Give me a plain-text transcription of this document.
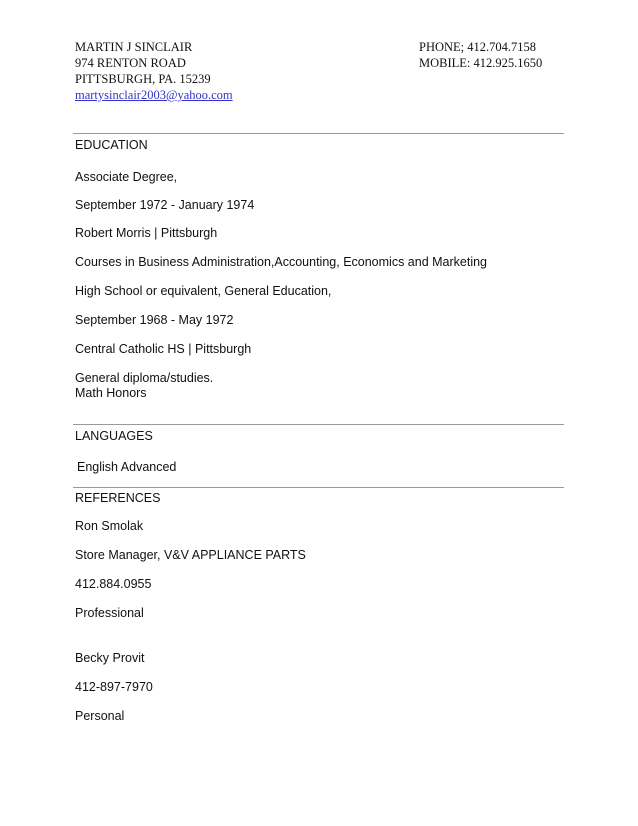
MARTIN J SINCLAIR
974 RENTON ROAD
PITTSBURGH, PA. 15239
martysinclair2003@yahoo.com
PHONE; 412.704.7158
MOBILE: 412.925.1650
EDUCATION
Associate Degree,
September 1972 - January 1974
Robert Morris | Pittsburgh
Courses in Business Administration,Accounting, Economics and Marketing
High School or equivalent, General Education,
September 1968 - May 1972
Central Catholic HS | Pittsburgh
General diploma/studies.
Math Honors
LANGUAGES
English Advanced
REFERENCES
Ron Smolak
Store Manager, V&V APPLIANCE PARTS
412.884.0955
Professional
Becky Provit
412-897-7970
Personal
